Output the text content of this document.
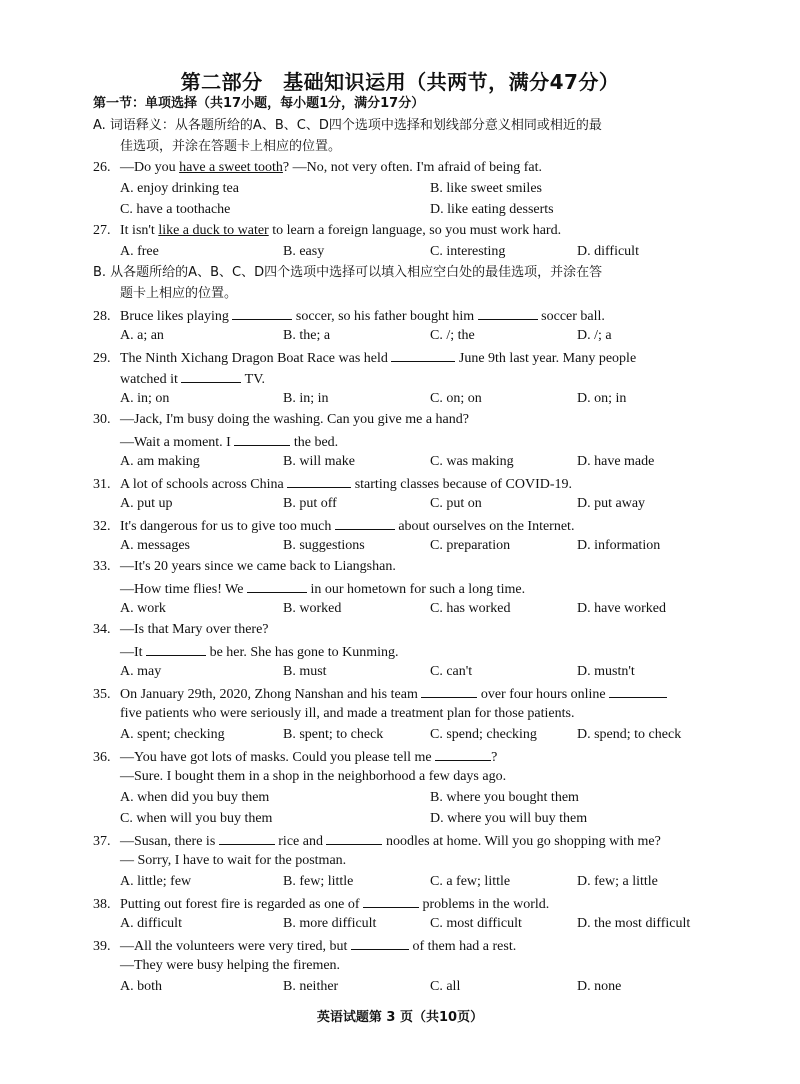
第二部分　基础知识运用（共两节，满分47分）
第一节：单项选择（共17小题，每小题1分，满分17分）
A. 词语释义：从各题所给的A、B、C、D四个选项中选择和划线部分意义相同或相近的最
佳选项，并涂在答题卡上相应的位置。
26. —Do you have a sweet tooth? —No, not very often. I'm afraid of being fat.
A. enjoy drinking tea	B. like sweet smiles
C. have a toothache	D. like eating desserts
27. It isn't like a duck to water to learn a foreign language, so you must work hard.
A. free	B. easy	C. interesting	D. difficult
B. 从各题所给的A、B、C、D四个选项中选择可以填入相应空白处的最佳选项，并涂在答
题卡上相应的位置。
28. Bruce likes playing	soccer, so his father bought him	soccer ball.
A. a; an	B. the; a	C. /; the	D. /; a
29. The Ninth Xichang Dragon Boat Race was held	June 9th last year. Many people
watched it	TV.
A. in; on	B. in; in	C. on; on	D. on; in
30. —Jack, I'm busy doing the washing. Can you give me a hand?
—Wait a moment. I	the bed.
A. am making	B. will make	C. was making	D. have made
31. A lot of schools across China	starting classes because of COVID-19.
A. put up	B. put off	C. put on	D. put away
32. It's dangerous for us to give too much	about ourselves on the Internet.
A. messages	B. suggestions	C. preparation	D. information
33. —It's 20 years since we came back to Liangshan.
—How time flies! We	in our hometown for such a long time.
A. work	B. worked	C. has worked	D. have worked
34. —Is that Mary over there?
—It	be her. She has gone to Kunming.
A. may	B. must	C. can't	D. mustn't
35. On January 29th, 2020, Zhong Nanshan and his team	over four hours online
five patients who were seriously ill, and made a treatment plan for those patients.
A. spent; checking	B. spent; to check	C. spend; checking	D. spend; to check
36. —You have got lots of masks. Could you please tell me	?
—Sure. I bought them in a shop in the neighborhood a few days ago.
A. when did you buy them	B. where you bought them
C. when will you buy them	D. where you will buy them
37. —Susan, there is	rice and	noodles at home. Will you go shopping with me?
— Sorry, I have to wait for the postman.
A. little; few	B. few; little	C. a few; little	D. few; a little
38. Putting out forest fire is regarded as one of	problems in the world.
A. difficult	B. more difficult	C. most difficult	D. the most difficult
39. —All the volunteers were very tired, but	of them had a rest.
—They were busy helping the firemen.
A. both	B. neither	C. all	D. none
英语试题第 3 页（共10页）
